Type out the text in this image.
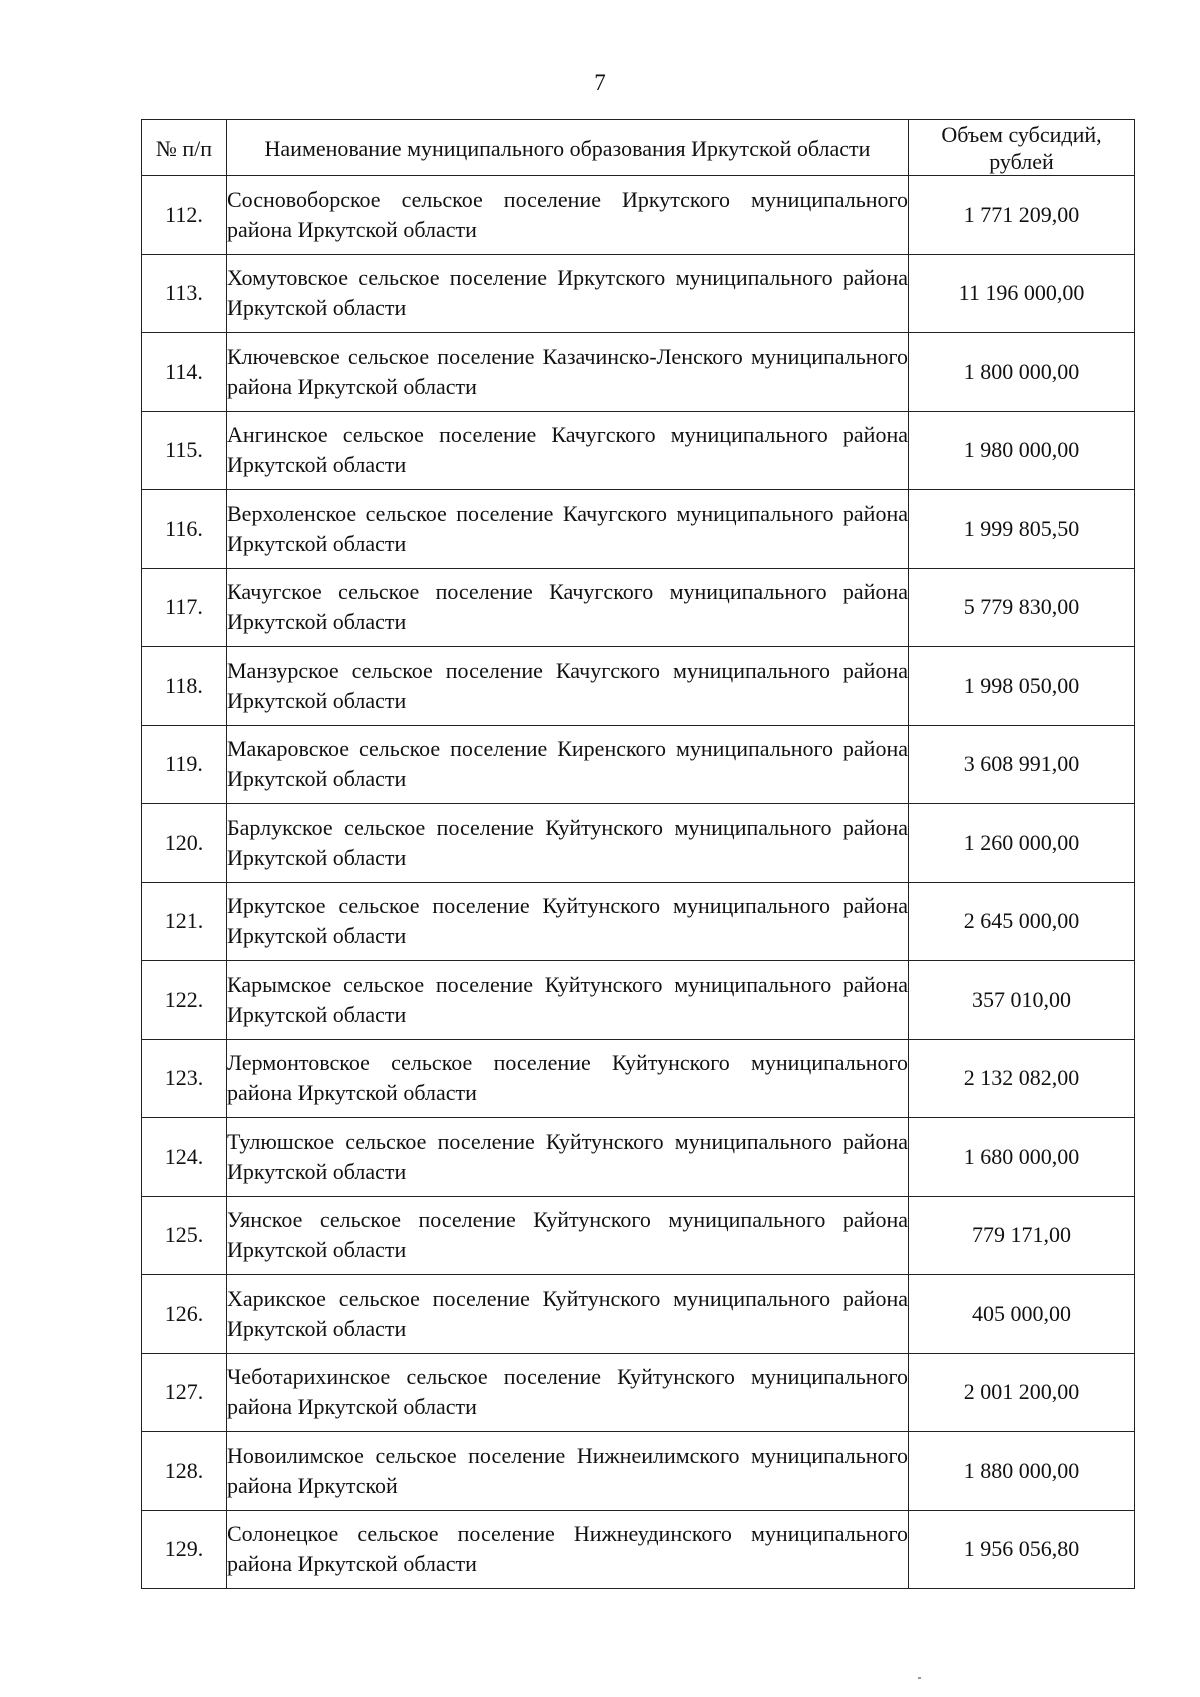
7
№ п/п	Наименование муниципального образования Иркутской области	Объем субсидий, рублей
112.	Сосновоборское сельское поселение Иркутского муниципального района Иркутской области	1 771 209,00
113.	Хомутовское сельское поселение Иркутского муниципального района Иркутской области	11 196 000,00
114.	Ключевское сельское поселение Казачинско-Ленского муниципального района Иркутской области	1 800 000,00
115.	Ангинское сельское поселение Качугского муниципального района Иркутской области	1 980 000,00
116.	Верхоленское сельское поселение Качугского муниципального района Иркутской области	1 999 805,50
117.	Качугское сельское поселение Качугского муниципального района Иркутской области	5 779 830,00
118.	Манзурское сельское поселение Качугского муниципального района Иркутской области	1 998 050,00
119.	Макаровское сельское поселение Киренского муниципального района Иркутской области	3 608 991,00
120.	Барлукское сельское поселение Куйтунского муниципального района Иркутской области	1 260 000,00
121.	Иркутское сельское поселение Куйтунского муниципального района Иркутской области	2 645 000,00
122.	Карымское сельское поселение Куйтунского муниципального района Иркутской области	357 010,00
123.	Лермонтовское сельское поселение Куйтунского муниципального района Иркутской области	2 132 082,00
124.	Тулюшское сельское поселение Куйтунского муниципального района Иркутской области	1 680 000,00
125.	Уянское сельское поселение Куйтунского муниципального района Иркутской области	779 171,00
126.	Харикское сельское поселение Куйтунского муниципального района Иркутской области	405 000,00
127.	Чеботарихинское сельское поселение Куйтунского муниципального района Иркутской области	2 001 200,00
128.	Новоилимское сельское поселение Нижнеилимского муниципального района Иркутской	1 880 000,00
129.	Солонецкое сельское поселение Нижнеудинского муниципального района Иркутской области	1 956 056,80
